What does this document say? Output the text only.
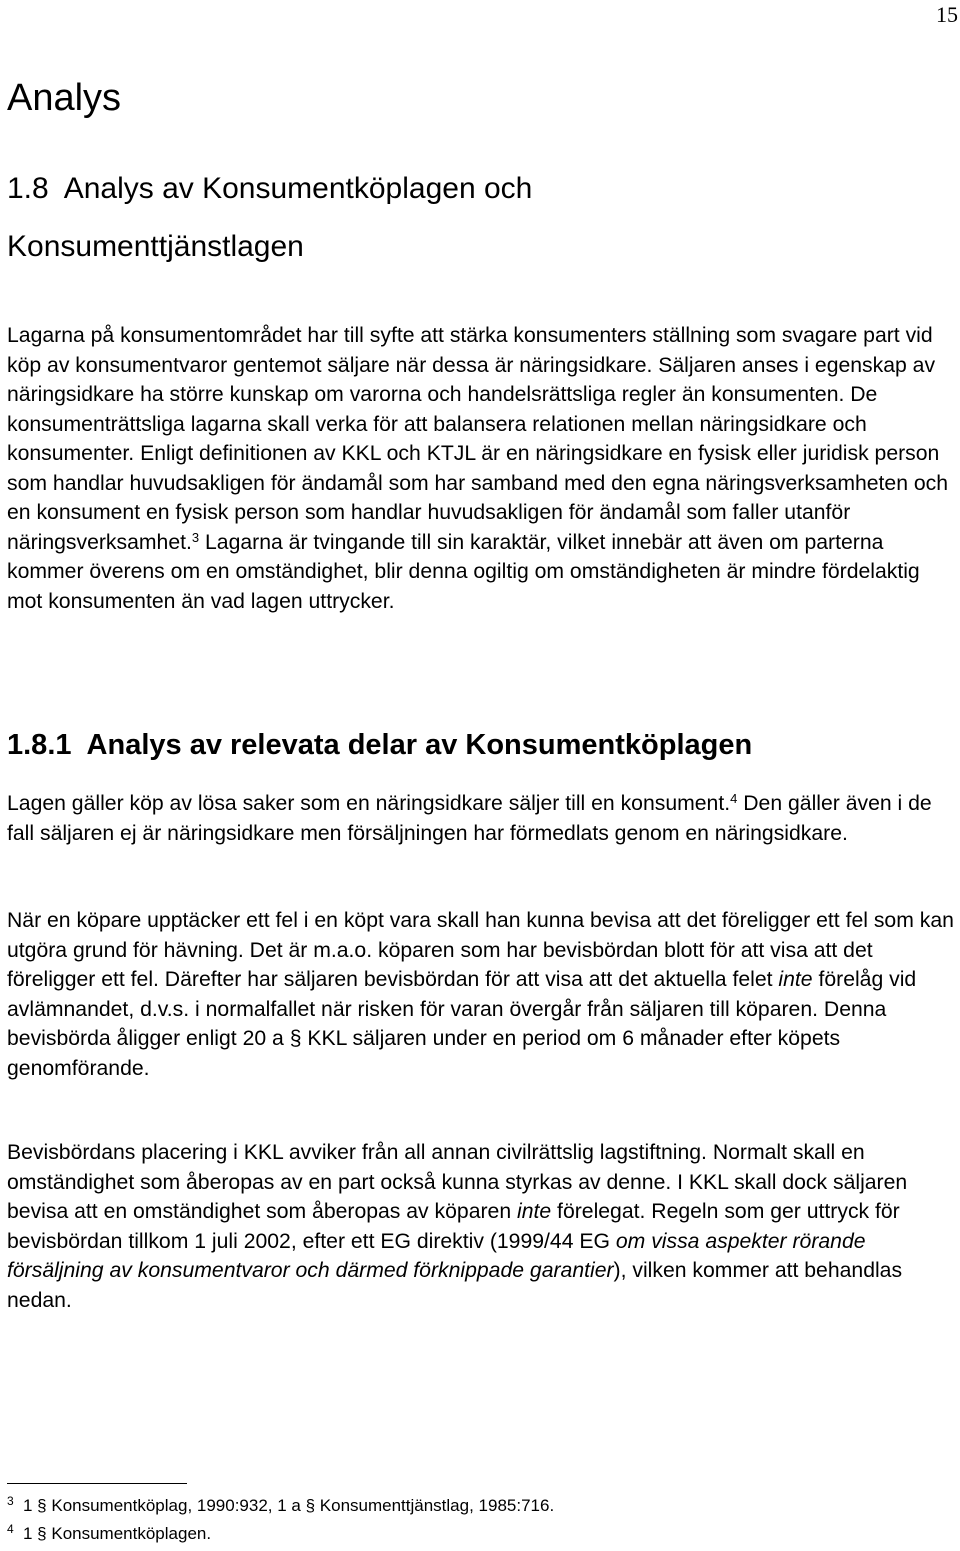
15
Analys
1.8  Analys av Konsumentköplagen och
Konsumenttjänstlagen
Lagarna på konsumentområdet har till syfte att stärka konsumenters ställning som svagare part vid köp av konsumentvaror gentemot säljare när dessa är näringsidkare. Säljaren anses i egenskap av näringsidkare ha större kunskap om varorna och handelsrättsliga regler än konsumenten. De konsumenträttsliga lagarna skall verka för att balansera relationen mellan näringsidkare och konsumenter. Enligt definitionen av KKL och KTJL är en näringsidkare en fysisk eller juridisk person som handlar huvudsakligen för ändamål som har samband med den egna näringsverksamheten och en konsument en fysisk person som handlar huvudsakligen för ändamål som faller utanför näringsverksamhet.$^3$ Lagarna är tvingande till sin karaktär, vilket innebär att även om parterna kommer överens om en omständighet, blir denna ogiltig om omständigheten är mindre fördelaktig mot konsumenten än vad lagen uttrycker.
1.8.1  Analys av relevata delar av Konsumentköplagen
Lagen gäller köp av lösa saker som en näringsidkare säljer till en konsument.$^4$ Den gäller även i de fall säljaren ej är näringsidkare men försäljningen har förmedlats genom en näringsidkare.
När en köpare upptäcker ett fel i en köpt vara skall han kunna bevisa att det föreligger ett fel som kan utgöra grund för hävning. Det är m.a.o. köparen som har bevisbördan blott för att visa att det föreligger ett fel. Därefter har säljaren bevisbördan för att visa att det aktuella felet inte förelåg vid avlämnandet, d.v.s. i normalfallet när risken för varan övergår från säljaren till köparen. Denna bevisbörda åligger enligt 20 a § KKL säljaren under en period om 6 månader efter köpets genomförande.
Bevisbördans placering i KKL avviker från all annan civilrättslig lagstiftning. Normalt skall en omständighet som åberopas av en part också kunna styrkas av denne. I KKL skall dock säljaren bevisa att en omständighet som åberopas av köparen inte förelegat. Regeln som ger uttryck för bevisbördan tillkom 1 juli 2002, efter ett EG direktiv (1999/44 EG om vissa aspekter rörande försäljning av konsumentvaror och därmed förknippade garantier), vilken kommer att behandlas nedan.
3 1 § Konsumentköplag, 1990:932, 1 a § Konsumenttjänstlag, 1985:716.
4 1 § Konsumentköplagen.
